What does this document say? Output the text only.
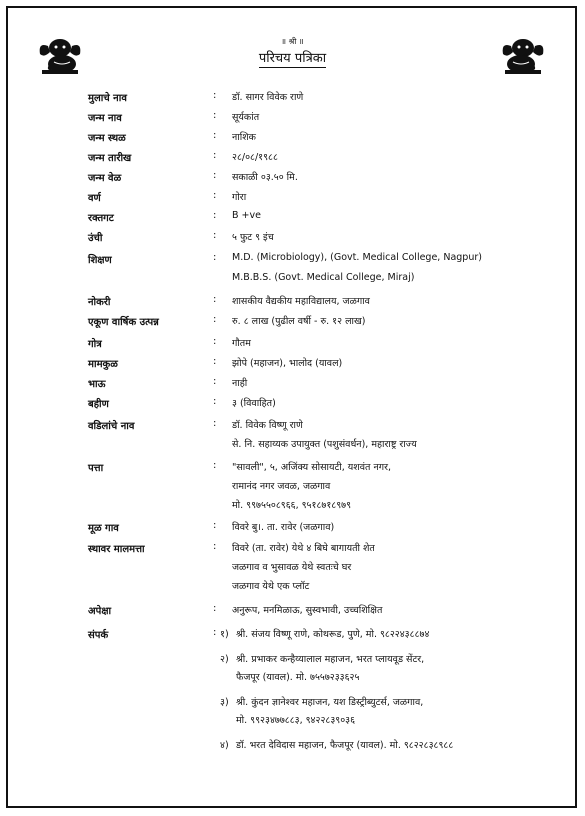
॥ श्री ॥
परिचय पत्रिका
मुलाचे नाव	: डॉ. सागर विवेक राणे
जन्म नाव	: सूर्यकांत
जन्म स्थळ	: नाशिक
जन्म तारीख	: २८/०८/१९८८
जन्म वेळ	: सकाळी ०३.५० मि.
वर्ण	: गोरा
रक्तगट	: B +ve
उंची	: ५ फुट ९ इंच
शिक्षण	: M.D. (Microbiology), (Govt. Medical College, Nagpur)
M.B.B.S. (Govt. Medical College, Miraj)
नोकरी	: शासकीय वैद्यकीय महाविद्यालय, जळगाव
एकूण वार्षिक उत्पन्न	: रु. ८ लाख (पुढील वर्षी - रु. १२ लाख)
गोत्र	: गौतम
मामकुळ	: झोपे (महाजन), भालोद (यावल)
भाऊ	: नाही
बहीण	: ३ (विवाहित)
वडिलांचे नाव	: डॉ. विवेक विष्णू राणे
से. नि. सहाय्यक उपायुक्त (पशुसंवर्धन), महाराष्ट्र राज्य
पत्ता	: "सावली", ५, अजिंक्य सोसायटी, यशवंत नगर,
रामानंद नगर जवळ, जळगाव
मो. ९९७५५०८९६६, ९५१८७१८९७९
मूळ गाव	: विवरे बु।. ता. रावेर (जळगाव)
स्थावर मालमत्ता	: विवरे (ता. रावेर) येथे ४ बिघे बागायती शेत
जळगाव व भुसावळ येथे स्वतःचे घर
जळगाव येथे एक प्लॉट
अपेक्षा	: अनुरूप, मनमिळाऊ, सुस्वभावी, उच्चशिक्षित
संपर्क	: १) श्री. संजय विष्णू राणे, कोथरूड, पुणे, मो. ९८२२४३८८७४
२) श्री. प्रभाकर कन्हैय्यालाल महाजन, भरत प्लायवूड सेंटर,
फैजपूर (यावल). मो. ७५५७२३३६२५
३) श्री. कुंदन ज्ञानेश्वर महाजन, यश डिस्ट्रीब्युटर्स, जळगाव,
मो. ९९२३४७७८८३, ९४२२८३९०३६
४) डॉ. भरत देविदास महाजन, फैजपूर (यावल). मो. ९८२२८३८९८८
